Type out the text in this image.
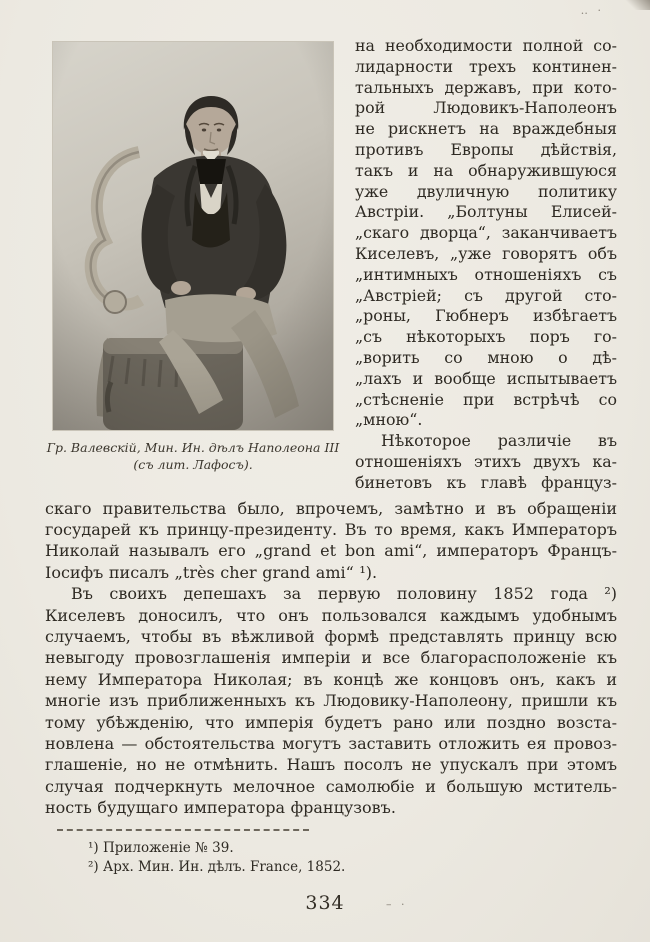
‥ ·
Гр. Валевскій, Мин. Ин. дѣлъ Наполеона III
(съ лит. Лафосъ).
на необходимости полной со-
лидарности трехъ континен-
тальныхъ державъ, при кото-
рой Людовикъ-Наполеонъ
не рискнетъ на враждебныя
противъ Европы дѣйствія,
такъ и на обнаружившуюся
уже двуличную политику
Австріи. „Болтуны Елисей-
„скаго дворца“, заканчиваетъ
Киселевъ, „уже говорятъ объ
„интимныхъ отношеніяхъ съ
„Австріей; съ другой сто-
„роны, Гюбнеръ избѣгаетъ
„съ нѣкоторыхъ поръ го-
„ворить со мною о дѣ-
„лахъ и вообще испытываетъ
„стѣсненіе при встрѣчѣ со
„мною“.
Нѣкоторое различіе въ
отношеніяхъ этихъ двухъ ка-
бинетовъ къ главѣ француз-
скаго правительства было, впрочемъ, замѣтно и въ обращеніи
государей къ принцу-президенту. Въ то время, какъ Императоръ
Николай называлъ его „grand et bon ami“, императоръ Францъ-
Іосифъ писалъ „très cher grand ami“ ¹).
Въ своихъ депешахъ за первую половину 1852 года ²)
Киселевъ доносилъ, что онъ пользовался каждымъ удобнымъ
случаемъ, чтобы въ вѣжливой формѣ представлять принцу всю
невыгоду провозглашенія имперіи и все благорасположеніе къ
нему Императора Николая; въ концѣ же концовъ онъ, какъ и
многіе изъ приближенныхъ къ Людовику-Наполеону, пришли къ
тому убѣжденію, что имперія будетъ рано или поздно возста-
новлена — обстоятельства могутъ заставить отложить ея провоз-
глашеніе, но не отмѣнить. Нашъ посолъ не упускалъ при этомъ
случая подчеркнуть мелочное самолюбіе и большую мститель-
ность будущаго императора французовъ.
¹) Приложеніе № 39.
²) Арх. Мин. Ин. дѣлъ. France, 1852.
334	– ·
